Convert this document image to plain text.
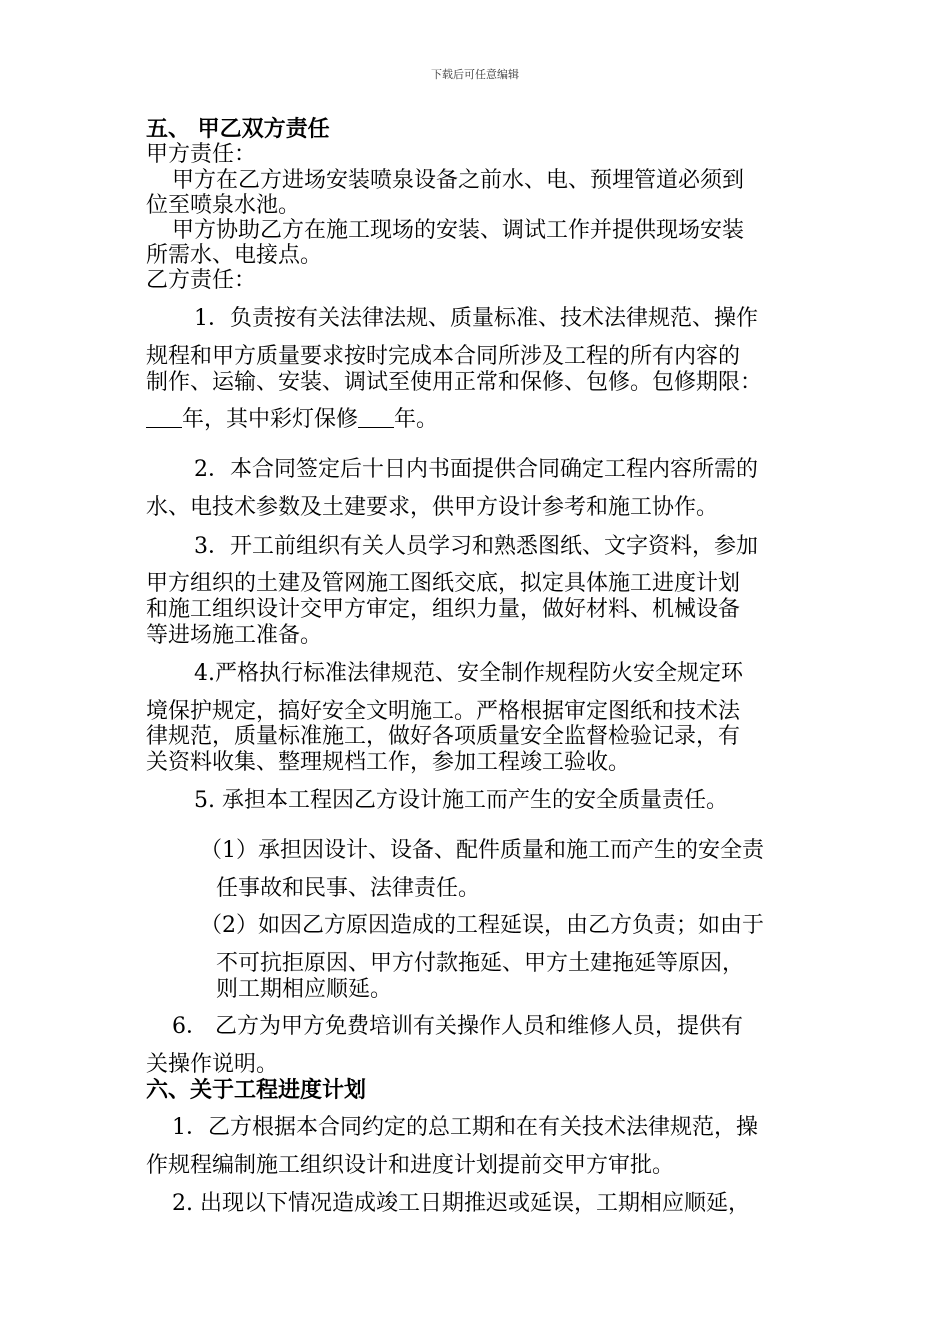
下载后可任意编辑
五、 甲乙双方责任
甲方责任：
甲方在乙方进场安装喷泉设备之前水、电、预埋管道必须到
位至喷泉水池。
甲方协助乙方在施工现场的安装、调试工作并提供现场安装
所需水、电接点。
乙方责任：
1．负责按有关法律法规、质量标准、技术法律规范、操作
规程和甲方质量要求按时完成本合同所涉及工程的所有内容的
制作、运输、安装、调试至使用正常和保修、包修。包修期限：
年，其中彩灯保修 年。
2．本合同签定后十日内书面提供合同确定工程内容所需的
水、电技术参数及土建要求，供甲方设计参考和施工协作。
3．开工前组织有关人员学习和熟悉图纸、文字资料，参加
甲方组织的土建及管网施工图纸交底，拟定具体施工进度计划
和施工组织设计交甲方审定，组织力量，做好材料、机械设备
等进场施工准备。
4.严格执行标准法律规范、安全制作规程防火安全规定环
境保护规定，搞好安全文明施工。严格根据审定图纸和技术法
律规范，质量标准施工，做好各项质量安全监督检验记录，有
关资料收集、整理规档工作，参加工程竣工验收。
5. 承担本工程因乙方设计施工而产生的安全质量责任。
（1）承担因设计、设备、配件质量和施工而产生的安全责
任事故和民事、法律责任。
（2）如因乙方原因造成的工程延误，由乙方负责；如由于
不可抗拒原因、甲方付款拖延、甲方土建拖延等原因，
则工期相应顺延。
6． 乙方为甲方免费培训有关操作人员和维修人员，提供有
关操作说明。
六、关于工程进度计划
1．乙方根据本合同约定的总工期和在有关技术法律规范，操
作规程编制施工组织设计和进度计划提前交甲方审批。
2. 出现以下情况造成竣工日期推迟或延误，工期相应顺延，
